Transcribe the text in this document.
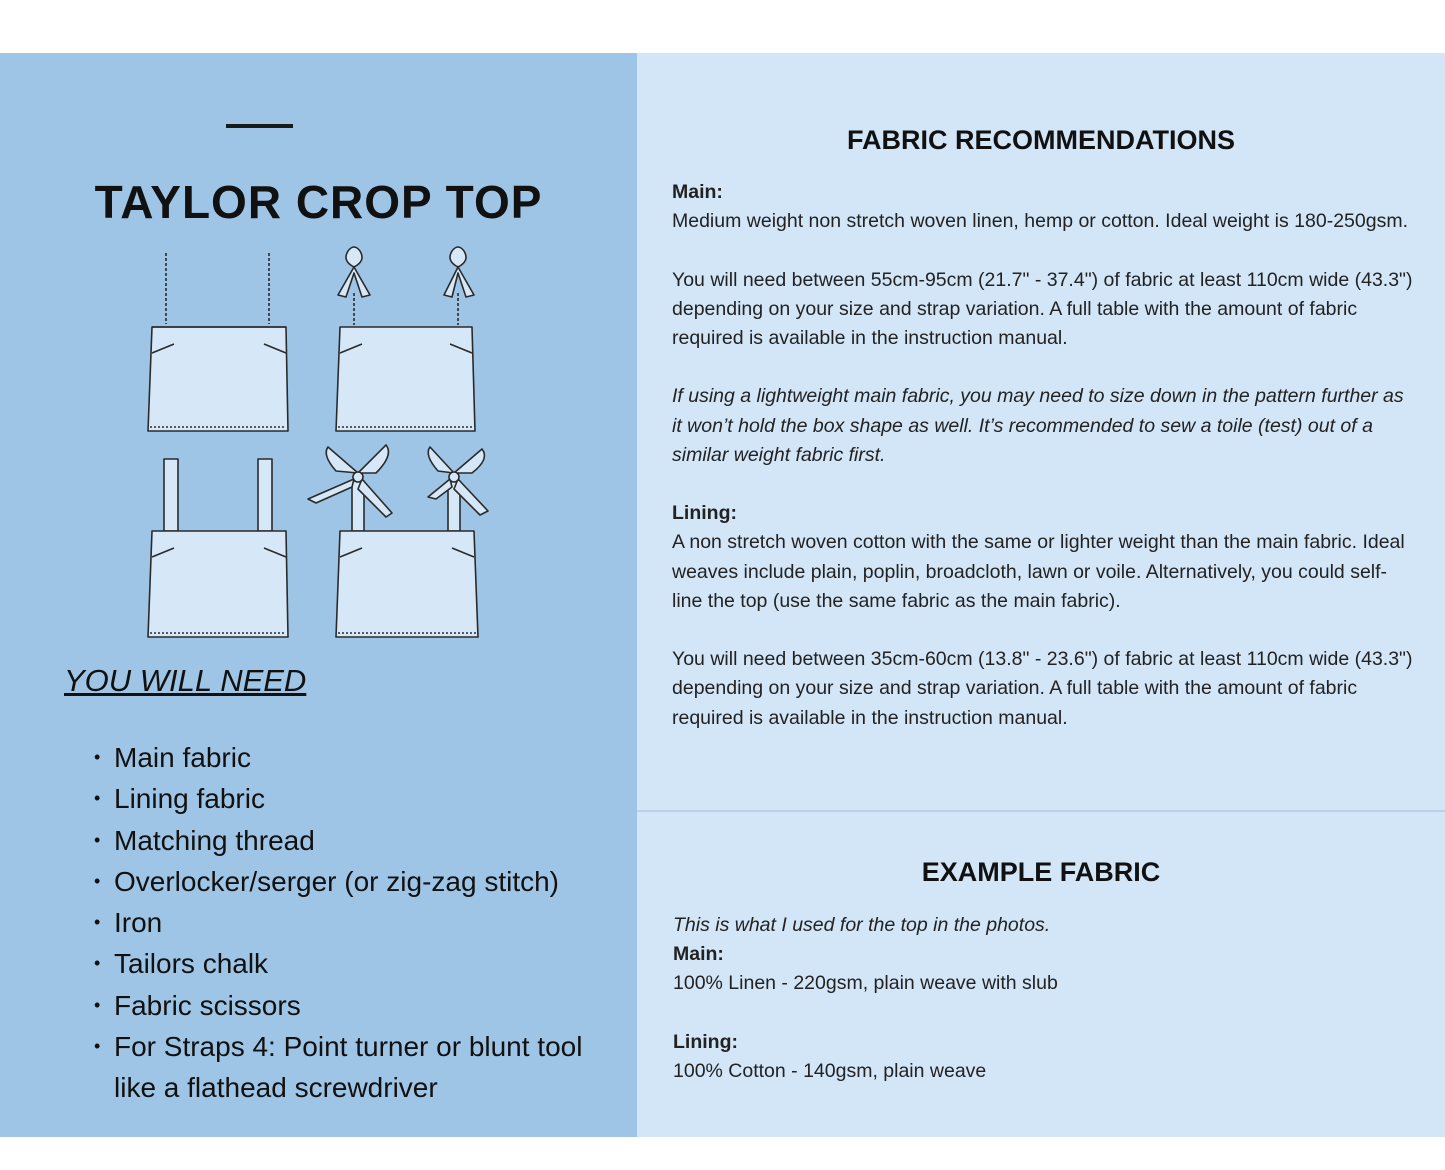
TAYLOR CROP TOP
YOU WILL NEED
• Main fabric
• Lining fabric
• Matching thread
• Overlocker/serger (or zig-zag stitch)
• Iron
• Tailors chalk
• Fabric scissors
• For Straps 4: Point turner or blunt tool like a flathead screwdriver
FABRIC RECOMMENDATIONS

Main:

Medium weight non stretch woven linen, hemp or cotton. Ideal weight is 180-250gsm.

You will need between 55cm-95cm (21.7" - 37.4") of fabric at least 110cm wide (43.3") depending on your size and strap variation. A full table with the amount of fabric required is available in the instruction manual.

If using a lightweight main fabric, you may need to size down in the pattern further as it won’t hold the box shape as well. It’s recommended to sew a toile (test) out of a similar weight fabric first.

Lining:

A non stretch woven cotton with the same or lighter weight than the main fabric. Ideal weaves include plain, poplin, broadcloth, lawn or voile. Alternatively, you could self-line the top (use the same fabric as the main fabric).

You will need between 35cm-60cm (13.8" - 23.6") of fabric at least 110cm wide (43.3") depending on your size and strap variation. A full table with the amount of fabric required is available in the instruction manual.

EXAMPLE FABRIC

This is what I used for the top in the photos.

Main:

100% Linen - 220gsm, plain weave with slub

Lining:

100% Cotton - 140gsm, plain weave
